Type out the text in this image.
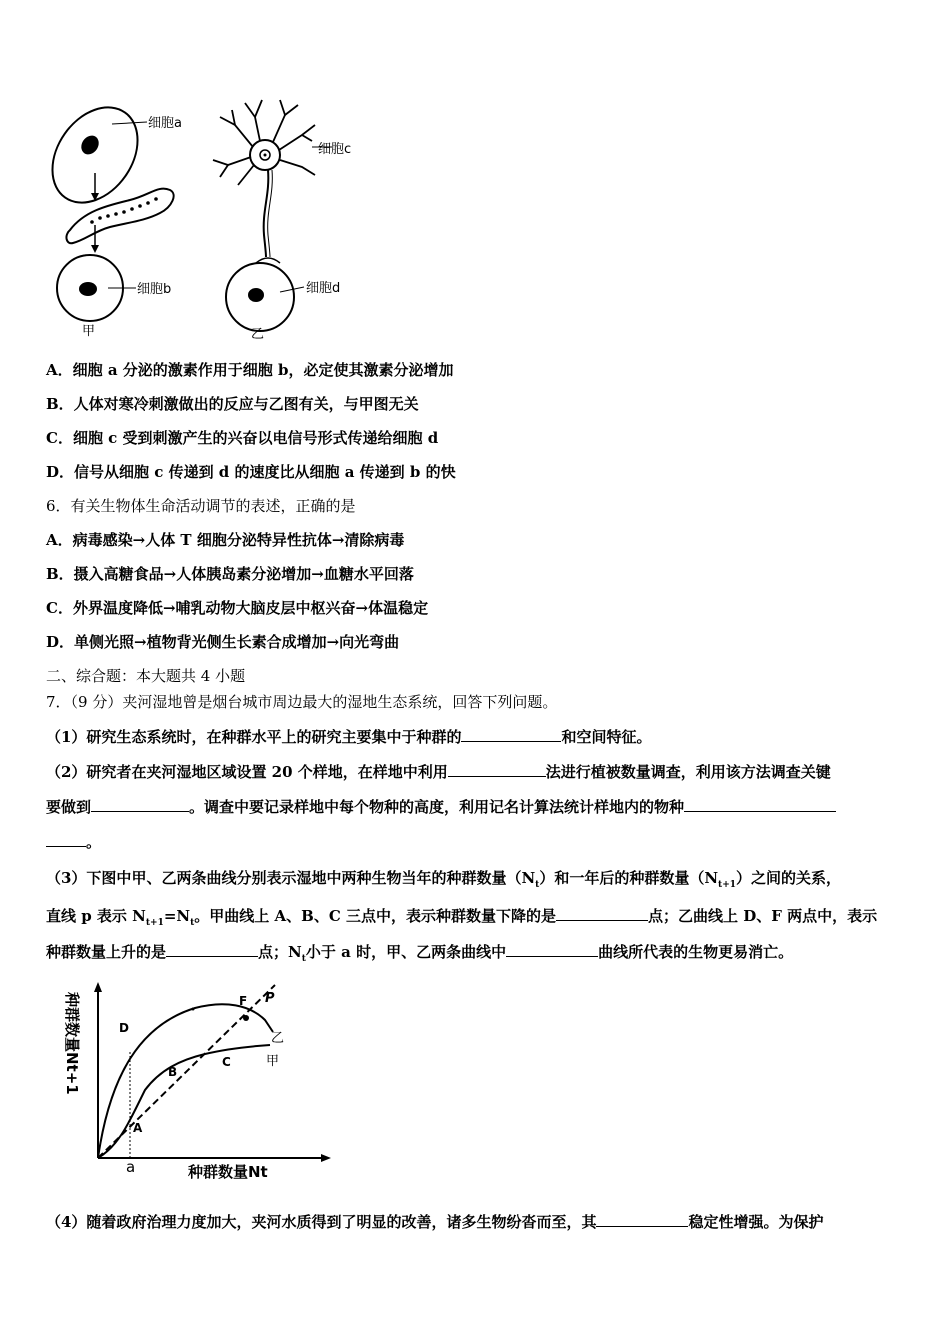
细胞a
细胞b
甲
细胞c
细胞d
乙
A．细胞 a 分泌的激素作用于细胞 b，必定使其激素分泌增加
B．人体对寒冷刺激做出的反应与乙图有关，与甲图无关
C．细胞 c 受到刺激产生的兴奋以电信号形式传递给细胞 d
D．信号从细胞 c 传递到 d 的速度比从细胞 a 传递到 b 的快
6．有关生物体生命活动调节的表述，正确的是
A．病毒感染→人体 T 细胞分泌特异性抗体→清除病毒
B．摄入高糖食品→人体胰岛素分泌增加→血糖水平回落
C．外界温度降低→哺乳动物大脑皮层中枢兴奋→体温稳定
D．单侧光照→植物背光侧生长素合成增加→向光弯曲
二、综合题：本大题共 4 小题
7．（9 分）夹河湿地曾是烟台城市周边最大的湿地生态系统，回答下列问题。
（1）研究生态系统时，在种群水平上的研究主要集中于种群的	和空间特征。
（2）研究者在夹河湿地区域设置 20 个样地，在样地中利用	法进行植被数量调查，利用该方法调查关键
要做到	。调查中要记录样地中每个物种的高度，利用记名计算法统计样地内的物种
。
（3）下图中甲、乙两条曲线分别表示湿地中两种生物当年的种群数量$(N_t)$和一年后的种群数量$(N_{t+1})$之间的关系，
直线 p 表示 $N_{t+1}=N_t$。甲曲线上 A、B、C 三点中，表示种群数量下降的是	点；乙曲线上 D、F 两点中，表示
种群数量上升的是	点；$N_t$小于 a 时，甲、乙两条曲线中	曲线所代表的生物更易消亡。
种群数量Nt+1
种群数量Nt
a
D
F P
乙
甲
C
B
A
（4）随着政府治理力度加大，夹河水质得到了明显的改善，诸多生物纷沓而至，其	稳定性增强。为保护
